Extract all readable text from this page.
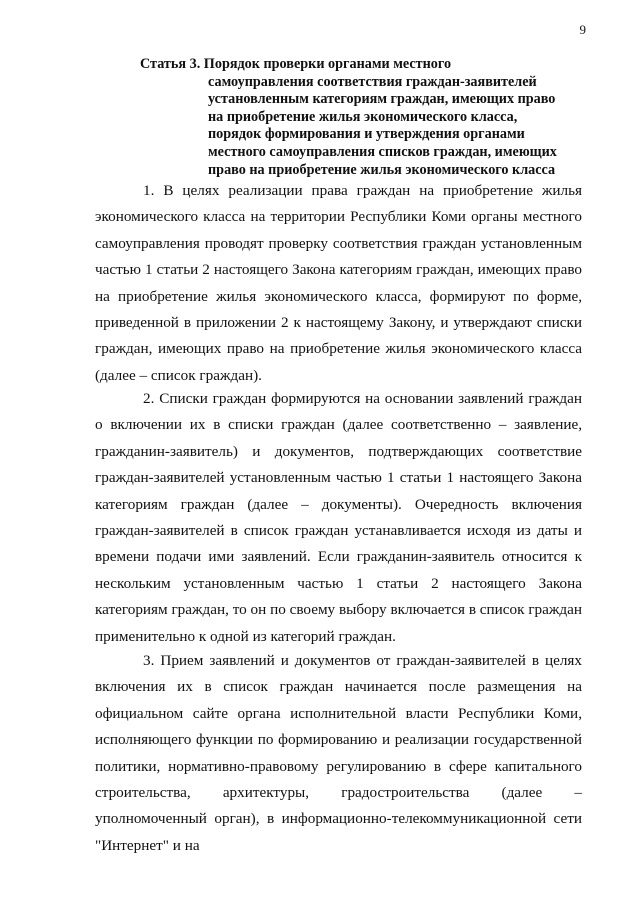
9
Статья 3. Порядок проверки органами местного
самоуправления соответствия граждан-заявителей
установленным категориям граждан, имеющих право
на приобретение жилья экономического класса,
порядок формирования и утверждения органами
местного самоуправления списков граждан, имеющих
право на приобретение жилья экономического класса

1. В целях реализации права граждан на приобретение жилья экономического класса на территории Республики Коми органы местного самоуправления проводят проверку соответствия граждан установленным частью 1 статьи 2 настоящего Закона категориям граждан, имеющих право на приобретение жилья экономического класса, формируют по форме, приведенной в приложении 2 к настоящему Закону, и утверждают списки граждан, имеющих право на приобретение жилья экономического класса (далее – список граждан).

2. Списки граждан формируются на основании заявлений граждан о включении их в списки граждан (далее соответственно – заявление, гражданин-заявитель) и документов, подтверждающих соответствие граждан-заявителей установленным частью 1 статьи 1 настоящего Закона категориям граждан (далее – документы). Очередность включения граждан-заявителей в список граждан устанавливается исходя из даты и времени подачи ими заявлений. Если гражданин-заявитель относится к нескольким установленным частью 1 статьи 2 настоящего Закона категориям граждан, то он по своему выбору включается в список граждан применительно к одной из категорий граждан.

3. Прием заявлений и документов от граждан-заявителей в целях включения их в список граждан начинается после размещения на официальном сайте органа исполнительной власти Республики Коми, исполняющего функции по формированию и реализации государственной политики, нормативно-правовому регулированию в сфере капитального строительства, архитектуры, градостроительства (далее – уполномоченный орган), в информационно-телекоммуникационной сети "Интернет" и на
